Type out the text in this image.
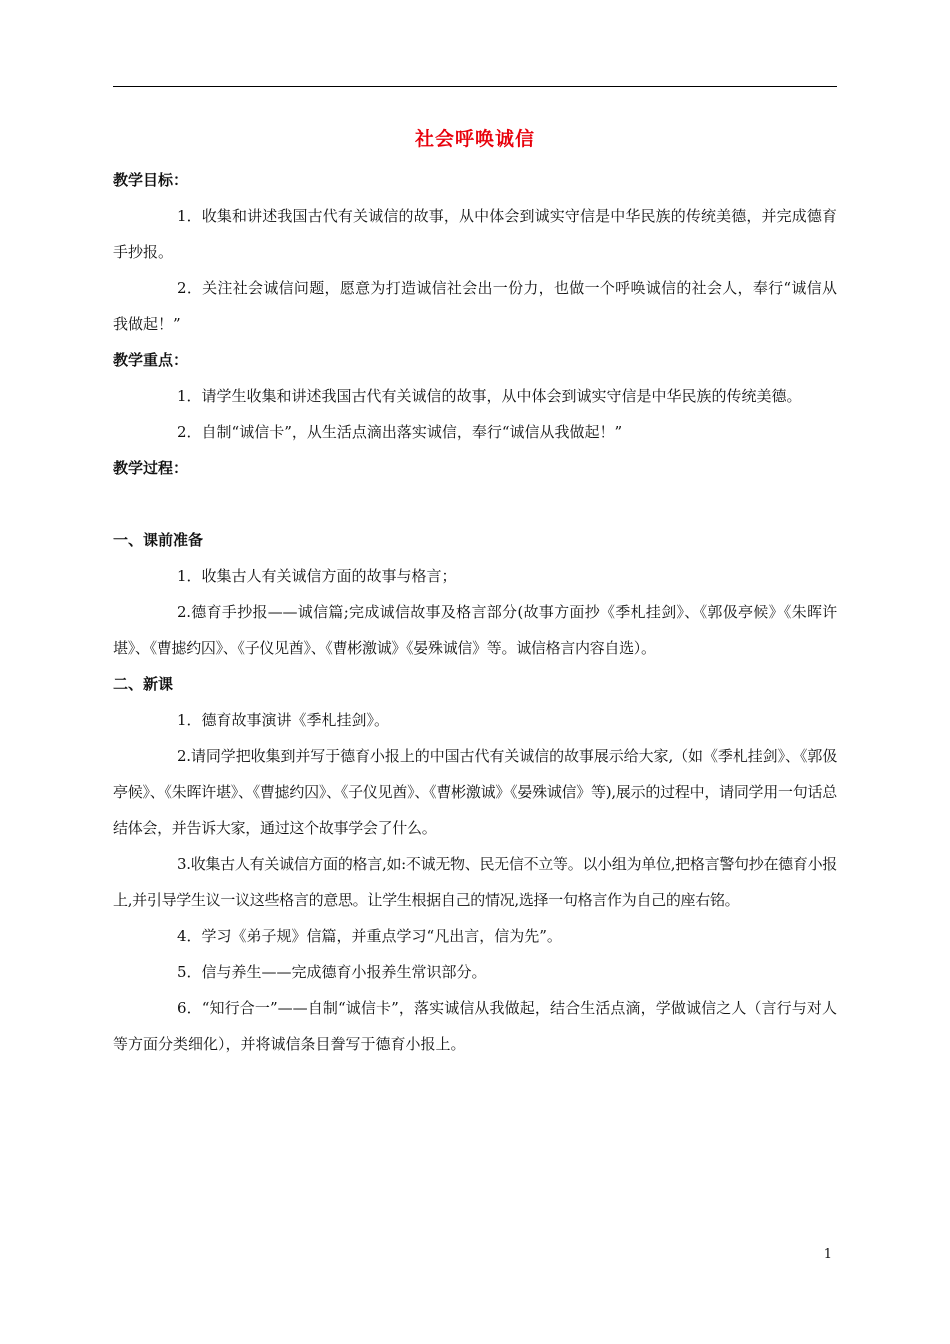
社会呼唤诚信
教学目标：
1．收集和讲述我国古代有关诚信的故事，从中体会到诚实守信是中华民族的传统美德，并完成德育手抄报。
2．关注社会诚信问题，愿意为打造诚信社会出一份力，也做一个呼唤诚信的社会人，奉行“诚信从我做起！”
教学重点：
1．请学生收集和讲述我国古代有关诚信的故事，从中体会到诚实守信是中华民族的传统美德。
2．自制“诚信卡”，从生活点滴出落实诚信，奉行“诚信从我做起！”
教学过程：
一、课前准备
1．收集古人有关诚信方面的故事与格言；
2.德育手抄报——诚信篇;完成诚信故事及格言部分(故事方面抄《季札挂剑》、《郭伋亭候》《朱晖许堪》、《曹摅约囚》、《子仪见酋》、《曹彬激诚》《晏殊诚信》等。诚信格言内容自选）。
二、新课
1．德育故事演讲《季札挂剑》。
2.请同学把收集到并写于德育小报上的中国古代有关诚信的故事展示给大家,（如《季札挂剑》、《郭伋亭候》、《朱晖许堪》、《曹摅约囚》、《子仪见酋》、《曹彬激诚》《晏殊诚信》等),展示的过程中，请同学用一句话总结体会，并告诉大家，通过这个故事学会了什么。
3.收集古人有关诚信方面的格言,如:不诚无物、民无信不立等。以小组为单位,把格言警句抄在德育小报上,并引导学生议一议这些格言的意思。让学生根据自己的情况,选择一句格言作为自己的座右铭。
4．学习《弟子规》信篇，并重点学习“凡出言，信为先”。
5．信与养生——完成德育小报养生常识部分。
6．“知行合一”——自制“诚信卡”，落实诚信从我做起，结合生活点滴，学做诚信之人（言行与对人等方面分类细化），并将诚信条目誊写于德育小报上。
1
